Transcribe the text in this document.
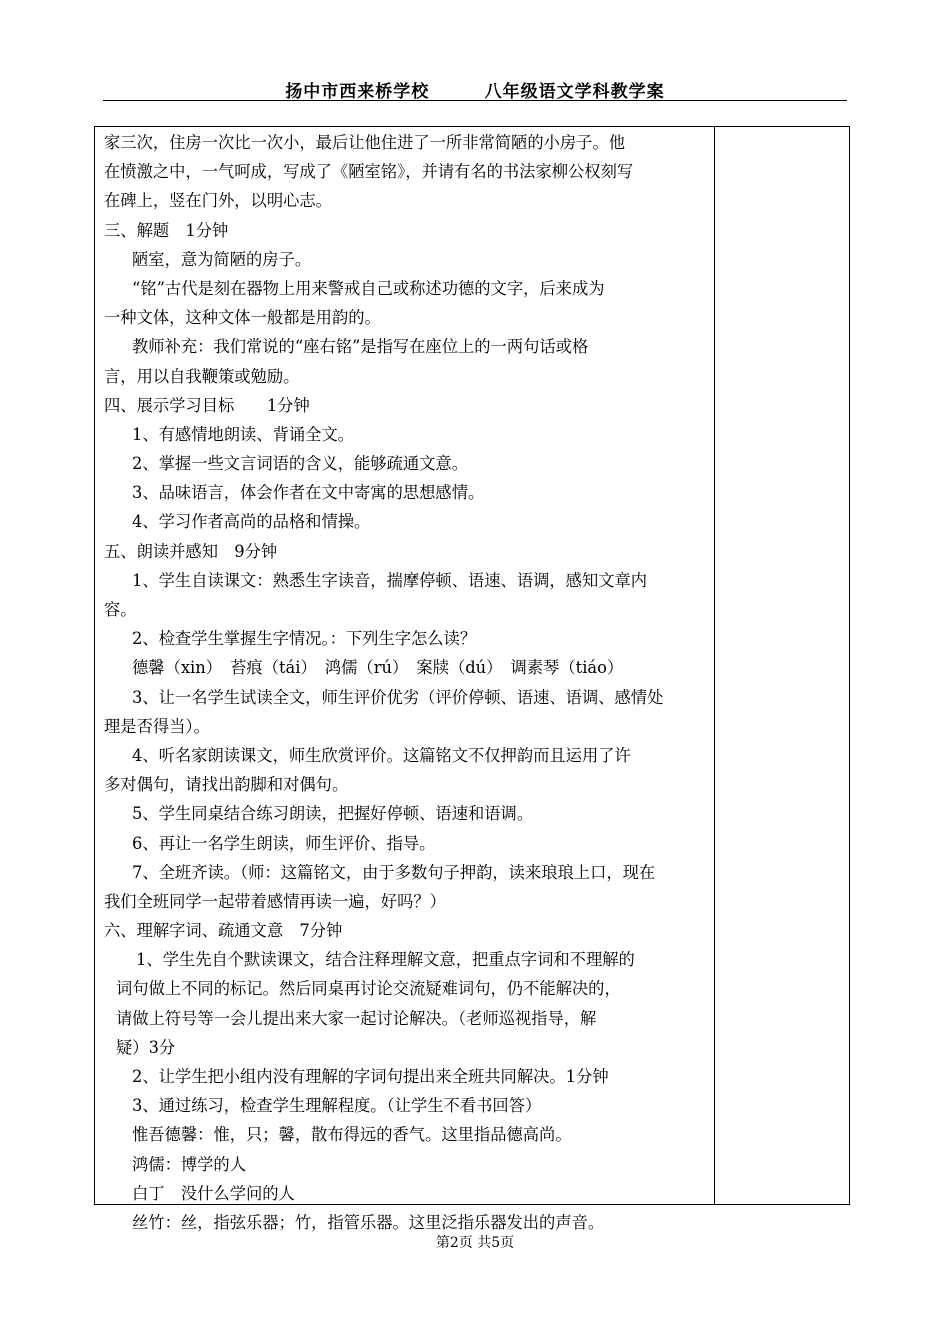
扬中市西来桥学校	八年级语文学科教学案
家三次，住房一次比一次小，最后让他住进了一所非常简陋的小房子。他
在愤激之中，一气呵成，写成了《陋室铭》，并请有名的书法家柳公权刻写
在碑上，竖在门外，以明心志。
三、解题　1分钟
陋室，意为简陋的房子。
“铭”古代是刻在器物上用来警戒自己或称述功德的文字，后来成为
一种文体，这种文体一般都是用韵的。
教师补充：我们常说的“座右铭”是指写在座位上的一两句话或格
言，用以自我鞭策或勉励。
四、展示学习目标　　1分钟
1、有感情地朗读、背诵全文。
2、掌握一些文言词语的含义，能够疏通文意。
3、品味语言，体会作者在文中寄寓的思想感情。
4、学习作者高尚的品格和情操。
五、朗读并感知　9分钟
1、学生自读课文：熟悉生字读音，揣摩停顿、语速、语调，感知文章内
容。
2、检查学生掌握生字情况。：下列生字怎么读？
德馨（xin）　苔痕（tái）　鸿儒（rú）　案牍（dú）　调素琴（tiáo）
3、让一名学生试读全文，师生评价优劣（评价停顿、语速、语调、感情处
理是否得当）。
4、听名家朗读课文，师生欣赏评价。这篇铭文不仅押韵而且运用了许
多对偶句，请找出韵脚和对偶句。
5、学生同桌结合练习朗读，把握好停顿、语速和语调。
6、再让一名学生朗读，师生评价、指导。
7、全班齐读。（师：这篇铭文，由于多数句子押韵，读来琅琅上口，现在
我们全班同学一起带着感情再读一遍，好吗？）
六、理解字词、疏通文意　7分钟
1、学生先自个默读课文，结合注释理解文意，把重点字词和不理解的
词句做上不同的标记。然后同桌再讨论交流疑难词句，仍不能解决的，
请做上符号等一会儿提出来大家一起讨论解决。（老师巡视指导，解
疑）3分
2、让学生把小组内没有理解的字词句提出来全班共同解决。1分钟
3、通过练习，检查学生理解程度。（让学生不看书回答）
惟吾德馨：惟，只；馨，散布得远的香气。这里指品德高尚。
鸿儒：博学的人
白丁　没什么学问的人
丝竹：丝，指弦乐器；竹，指管乐器。这里泛指乐器发出的声音。
第2页 共5页
